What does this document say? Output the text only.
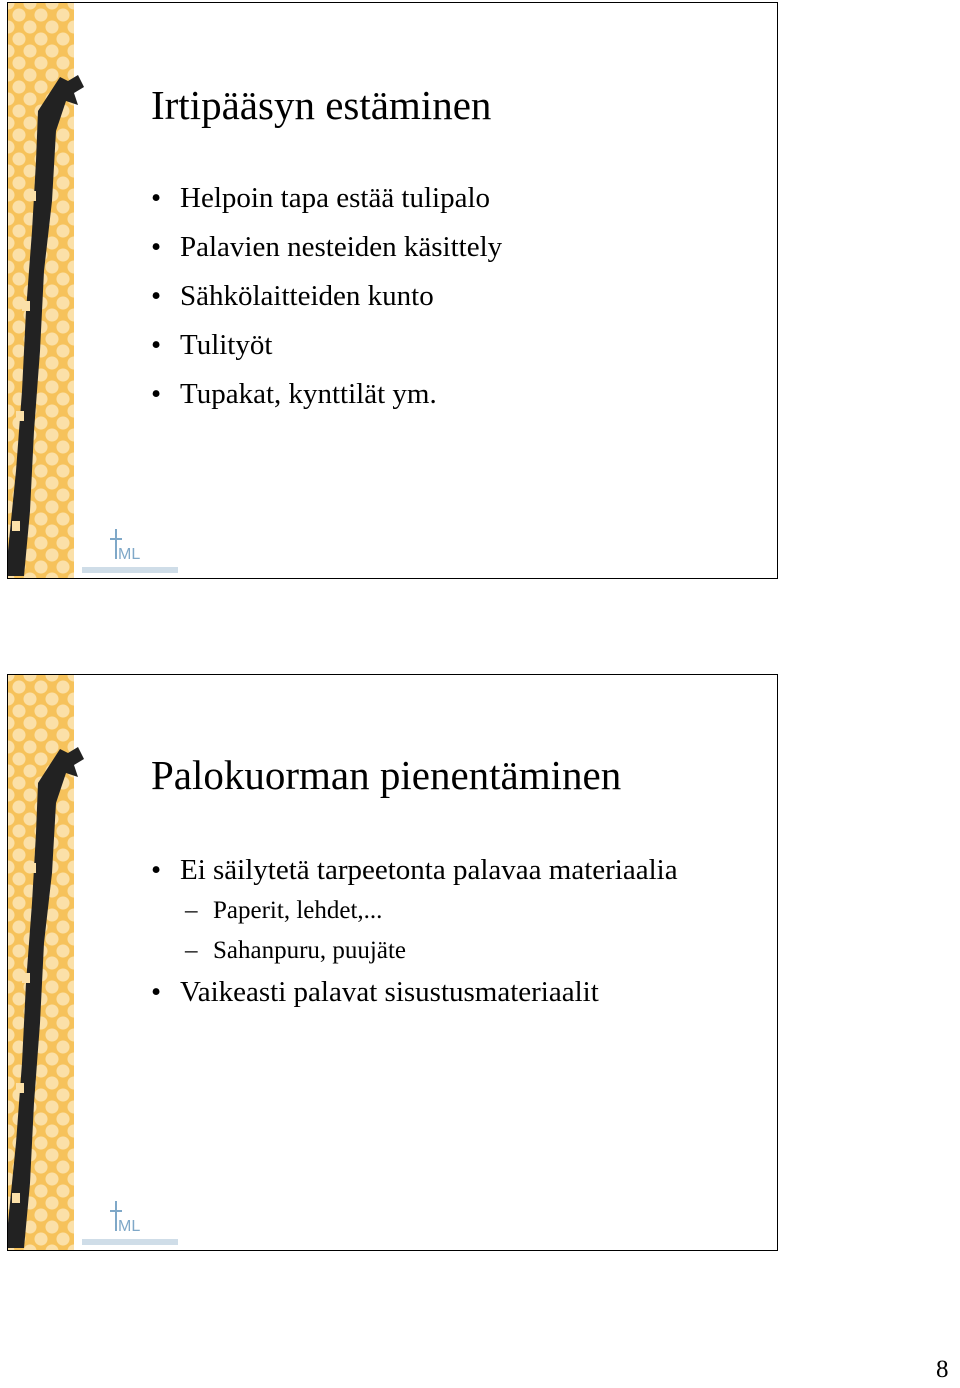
ML
Irtipääsyn estäminen
• Helpoin tapa estää tulipalo
• Palavien nesteiden käsittely
• Sähkölaitteiden kunto
• Tulityöt
• Tupakat, kynttilät ym.
ML
Palokuorman pienentäminen
• Ei säilytetä tarpeetonta palavaa materiaalia
– Paperit, lehdet,...
– Sahanpuru, puujäte
• Vaikeasti palavat sisustusmateriaalit
8
